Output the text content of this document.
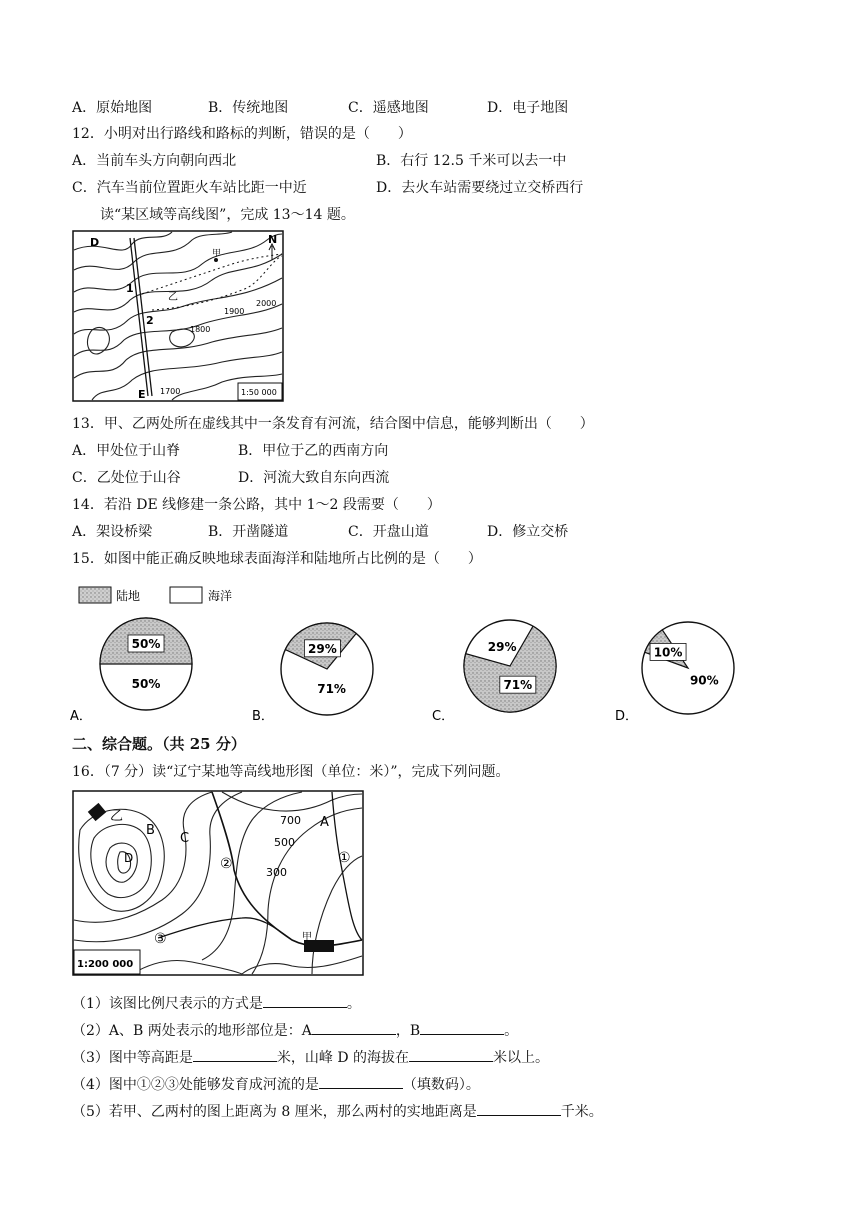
A．原始地图	B．传统地图	C．遥感地图	D．电子地图
12．小明对出行路线和路标的判断，错误的是（　　）
A．当前车头方向朝向西北	B．右行 12.5 千米可以去一中
C．汽车当前位置距火车站比距一中近	D．去火车站需要绕过立交桥西行
读“某区域等高线图”，完成 13～14 题。
D
E
N
甲
乙
1
2
2000
1900
1800
1700	1:50 000
13．甲、乙两处所在虚线其中一条发育有河流，结合图中信息，能够判断出（　　）
A．甲处位于山脊	B．甲位于乙的西南方向
C．乙处位于山谷	D．河流大致自东向西流
14．若沿 DE 线修建一条公路，其中 1～2 段需要（　　）
A．架设桥梁	B．开凿隧道	C．开盘山道	D．修立交桥
15．如图中能正确反映地球表面海洋和陆地所占比例的是（　　）
陆地	海洋
50%
50%
A．
29%
71%
B．
71%
29%
C．
10%
90%
D．
二、综合题。（共 25 分）
16．（7 分）读“辽宁某地等高线地形图（单位：米）”，完成下列问题。
乙
甲
B
C
D
A
①
②
③
700
500
300
1:200 000
（1）该图比例尺表示的方式是	。
（2）A、B 两处表示的地形部位是：A	，B	。
（3）图中等高距是	米，山峰 D 的海拔在	米以上。
（4）图中①②③处能够发育成河流的是	（填数码）。
（5）若甲、乙两村的图上距离为 8 厘米，那么两村的实地距离是	千米。
